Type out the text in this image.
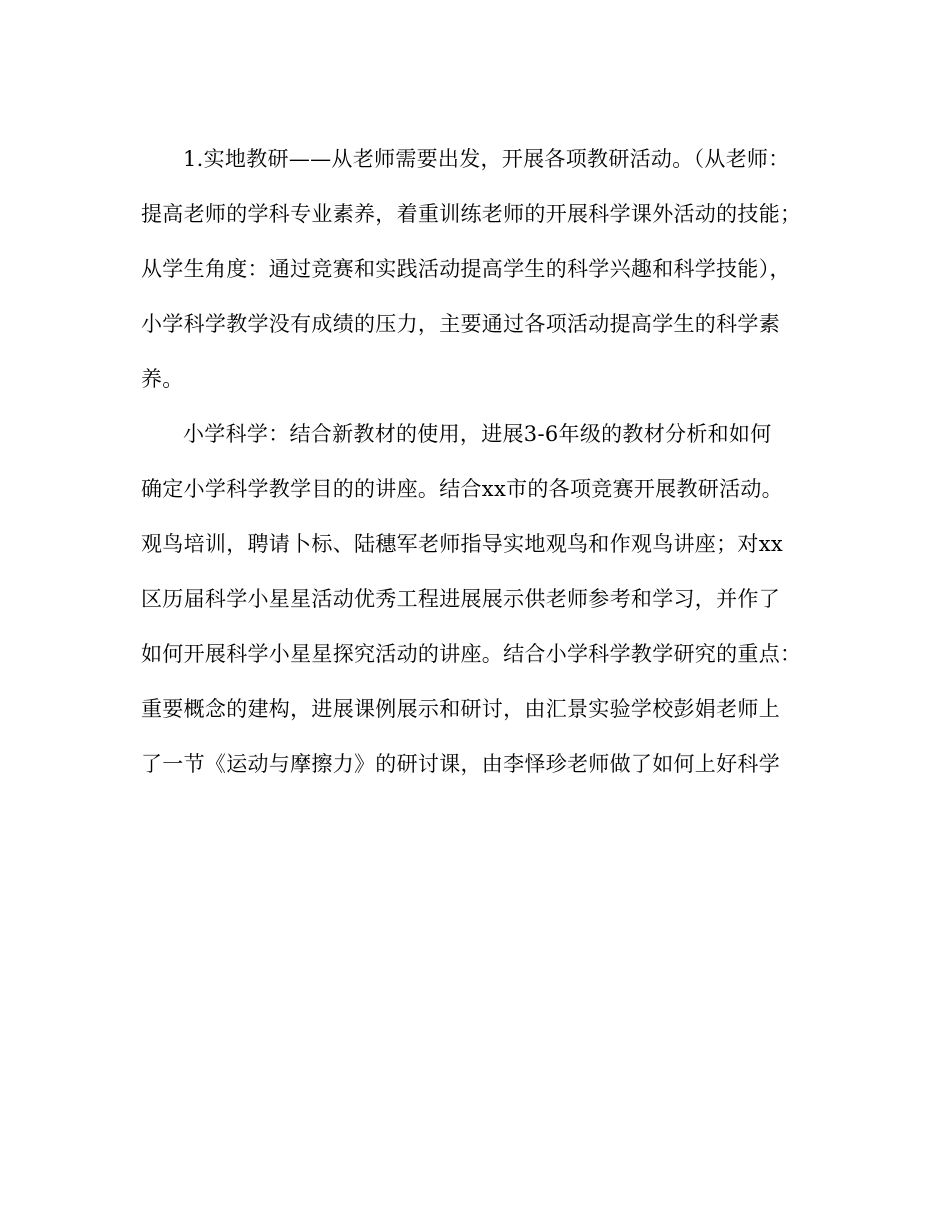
1.实地教研——从老师需要出发，开展各项教研活动。（从老师：
提高老师的学科专业素养，着重训练老师的开展科学课外活动的技能；
从学生角度：通过竞赛和实践活动提高学生的科学兴趣和科学技能），
小学科学教学没有成绩的压力，主要通过各项活动提高学生的科学素
养。
小学科学：结合新教材的使用，进展3-6年级的教材分析和如何
确定小学科学教学目的的讲座。结合xx市的各项竞赛开展教研活动。
观鸟培训，聘请卜标、陆穗军老师指导实地观鸟和作观鸟讲座；对xx
区历届科学小星星活动优秀工程进展展示供老师参考和学习，并作了
如何开展科学小星星探究活动的讲座。结合小学科学教学研究的重点：
重要概念的建构，进展课例展示和研讨，由汇景实验学校彭娟老师上
了一节《运动与摩擦力》的研讨课，由李怿珍老师做了如何上好科学
